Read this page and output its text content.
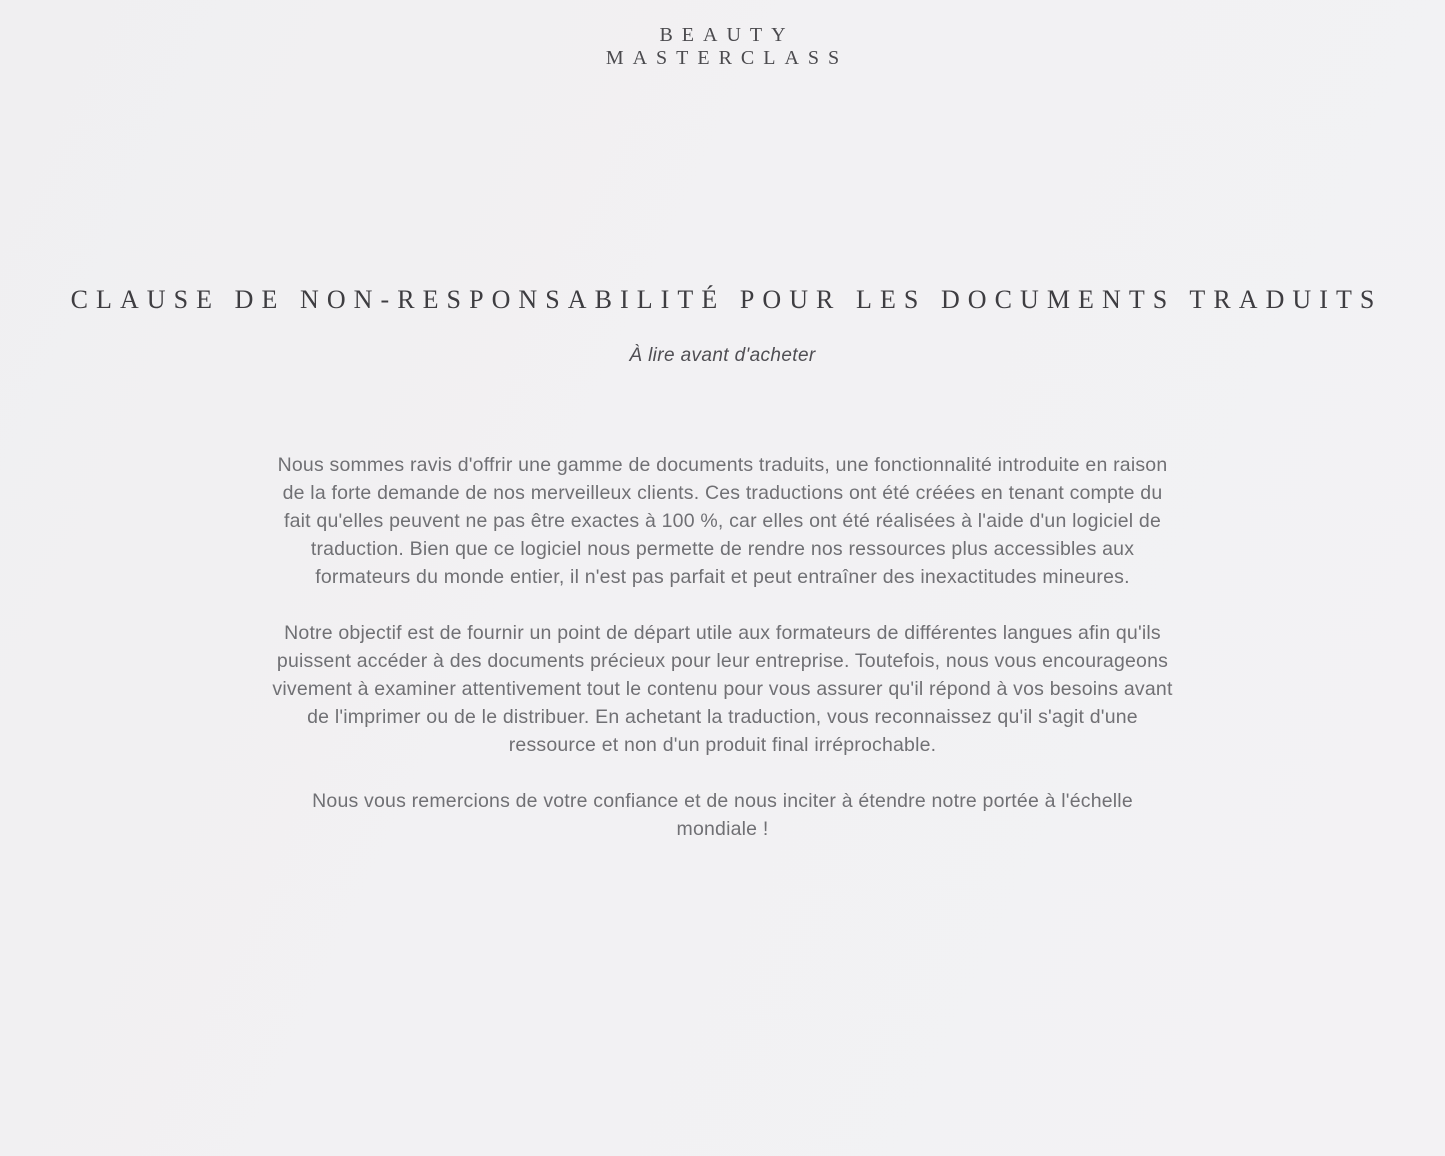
BEAUTY
MASTERCLASS
CLAUSE DE NON-RESPONSABILITÉ POUR LES DOCUMENTS TRADUITS
À lire avant d'acheter

Nous sommes ravis d'offrir une gamme de documents traduits, une fonctionnalité introduite en raison de la forte demande de nos merveilleux clients. Ces traductions ont été créées en tenant compte du fait qu'elles peuvent ne pas être exactes à 100 %, car elles ont été réalisées à l'aide d'un logiciel de traduction. Bien que ce logiciel nous permette de rendre nos ressources plus accessibles aux formateurs du monde entier, il n'est pas parfait et peut entraîner des inexactitudes mineures.

Notre objectif est de fournir un point de départ utile aux formateurs de différentes langues afin qu'ils puissent accéder à des documents précieux pour leur entreprise. Toutefois, nous vous encourageons vivement à examiner attentivement tout le contenu pour vous assurer qu'il répond à vos besoins avant de l'imprimer ou de le distribuer. En achetant la traduction, vous reconnaissez qu'il s'agit d'une ressource et non d'un produit final irréprochable.

Nous vous remercions de votre confiance et de nous inciter à étendre notre portée à l'échelle mondiale !
